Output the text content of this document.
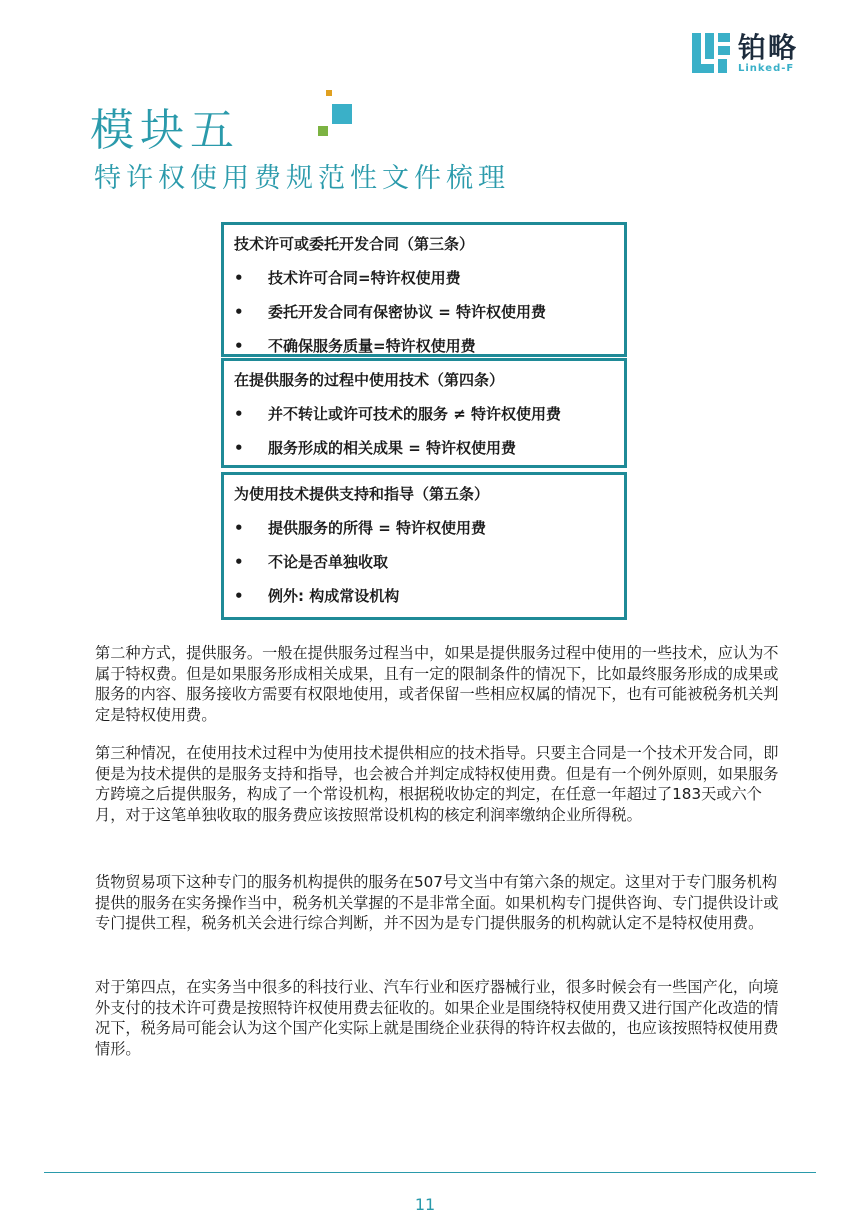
铂略
Linked-F
模块五
特许权使用费规范性文件梳理
技术许可或委托开发合同（第三条）
• 技术许可合同=特许权使用费
• 委托开发合同有保密协议 = 特许权使用费
• 不确保服务质量=特许权使用费
在提供服务的过程中使用技术（第四条）
• 并不转让或许可技术的服务 ≠ 特许权使用费
• 服务形成的相关成果 = 特许权使用费
为使用技术提供支持和指导（第五条）
• 提供服务的所得 = 特许权使用费
• 不论是否单独收取
• 例外: 构成常设机构

第二种方式，提供服务。一般在提供服务过程当中，如果是提供服务过程中使用的一些技术，应认为不属于特权费。但是如果服务形成相关成果，且有一定的限制条件的情况下，比如最终服务形成的成果或服务的内容、服务接收方需要有权限地使用，或者保留一些相应权属的情况下，也有可能被税务机关判定是特权使用费。

第三种情况，在使用技术过程中为使用技术提供相应的技术指导。只要主合同是一个技术开发合同，即便是为技术提供的是服务支持和指导，也会被合并判定成特权使用费。但是有一个例外原则，如果服务方跨境之后提供服务，构成了一个常设机构，根据税收协定的判定，在任意一年超过了183天或六个月，对于这笔单独收取的服务费应该按照常设机构的核定利润率缴纳企业所得税。

货物贸易项下这种专门的服务机构提供的服务在507号文当中有第六条的规定。这里对于专门服务机构提供的服务在实务操作当中，税务机关掌握的不是非常全面。如果机构专门提供咨询、专门提供设计或专门提供工程，税务机关会进行综合判断，并不因为是专门提供服务的机构就认定不是特权使用费。

对于第四点，在实务当中很多的科技行业、汽车行业和医疗器械行业，很多时候会有一些国产化，向境外支付的技术许可费是按照特许权使用费去征收的。如果企业是围绕特权使用费又进行国产化改造的情况下，税务局可能会认为这个国产化实际上就是围绕企业获得的特许权去做的，也应该按照特权使用费情形。

11
